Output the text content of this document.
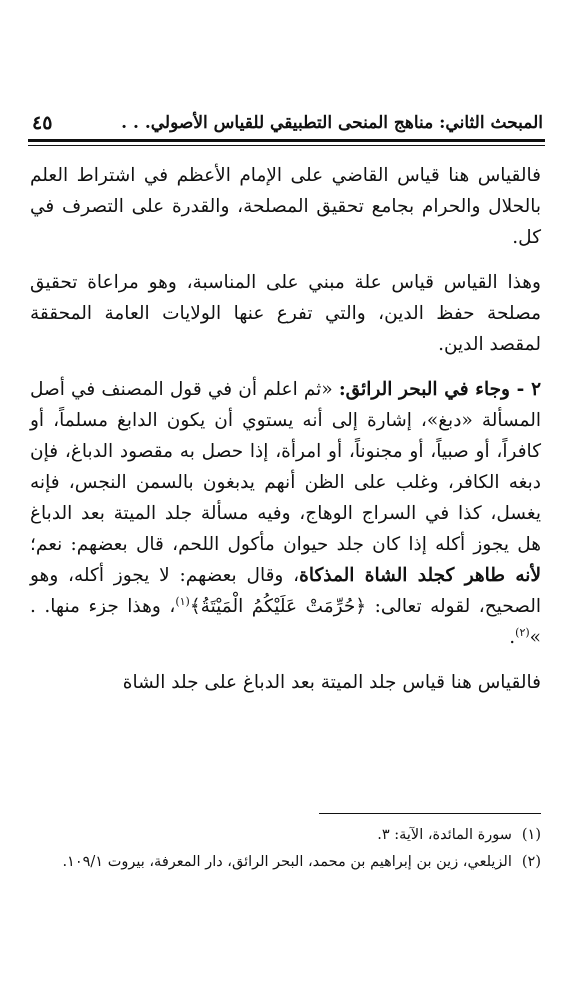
المبحث الثاني: مناهج المنحى التطبيقي للقياس الأصولي. . .
٤٥

فالقياس هنا قياس القاضي على الإمام الأعظم في اشتراط العلم بالحلال والحرام بجامع تحقيق المصلحة، والقدرة على التصرف في كل.

وهذا القياس قياس علة مبني على المناسبة، وهو مراعاة تحقيق مصلحة حفظ الدين، والتي تفرع عنها الولايات العامة المحققة لمقصد الدين.

٢ - وجاء في البحر الرائق: «ثم اعلم أن في قول المصنف في أصل المسألة «دبغ»، إشارة إلى أنه يستوي أن يكون الدابغ مسلماً، أو كافراً، أو صبياً، أو مجنوناً، أو امرأة، إذا حصل به مقصود الدباغ، فإن دبغه الكافر، وغلب على الظن أنهم يدبغون بالسمن النجس، فإنه يغسل، كذا في السراج الوهاج، وفيه مسألة جلد الميتة بعد الدباغ هل يجوز أكله إذا كان جلد حيوان مأكول اللحم، قال بعضهم: نعم؛ لأنه طاهر كجلد الشاة المذكاة، وقال بعضهم: لا يجوز أكله، وهو الصحيح، لقوله تعالى: ﴿حُرِّمَتْ عَلَيْكُمُ الْمَيْتَةُ﴾$^{(١)}$، وهذا جزء منها. . »$^{(٢)}$.

فالقياس هنا قياس جلد الميتة بعد الدباغ على جلد الشاة

(١)
سورة المائدة، الآية: ٣.
(٢)
الزيلعي، زين بن إبراهيم بن محمد، البحر الرائق، دار المعرفة، بيروت ١٠٩/١.
